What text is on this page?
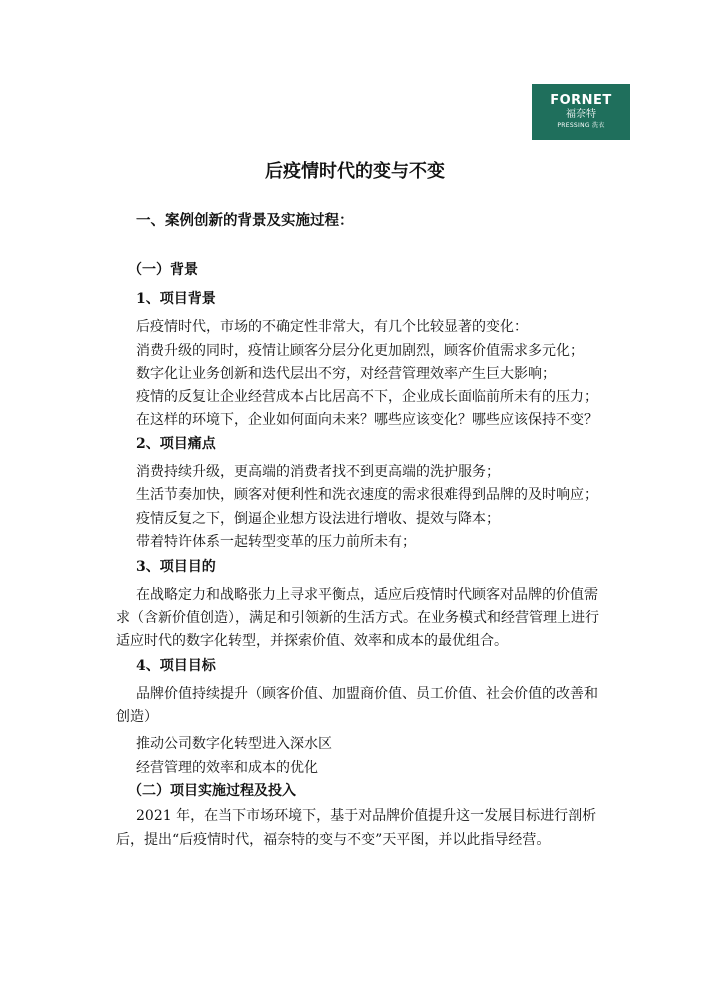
FORNET
福奈特
PRESSING 洗衣
后疫情时代的变与不变
一、案例创新的背景及实施过程：
（一）背景
1、项目背景
后疫情时代，市场的不确定性非常大，有几个比较显著的变化：
消费升级的同时，疫情让顾客分层分化更加剧烈，顾客价值需求多元化；
数字化让业务创新和迭代层出不穷，对经营管理效率产生巨大影响；
疫情的反复让企业经营成本占比居高不下，企业成长面临前所未有的压力；
在这样的环境下，企业如何面向未来？哪些应该变化？哪些应该保持不变？
2、项目痛点
消费持续升级，更高端的消费者找不到更高端的洗护服务；
生活节奏加快，顾客对便利性和洗衣速度的需求很难得到品牌的及时响应；
疫情反复之下，倒逼企业想方设法进行增收、提效与降本；
带着特许体系一起转型变革的压力前所未有；
3、项目目的
在战略定力和战略张力上寻求平衡点，适应后疫情时代顾客对品牌的价值需
求（含新价值创造），满足和引领新的生活方式。在业务模式和经营管理上进行
适应时代的数字化转型，并探索价值、效率和成本的最优组合。
4、项目目标
品牌价值持续提升（顾客价值、加盟商价值、员工价值、社会价值的改善和
创造）
推动公司数字化转型进入深水区
经营管理的效率和成本的优化
（二）项目实施过程及投入
2021 年，在当下市场环境下，基于对品牌价值提升这一发展目标进行剖析
后，提出“后疫情时代，福奈特的变与不变”天平图，并以此指导经营。
